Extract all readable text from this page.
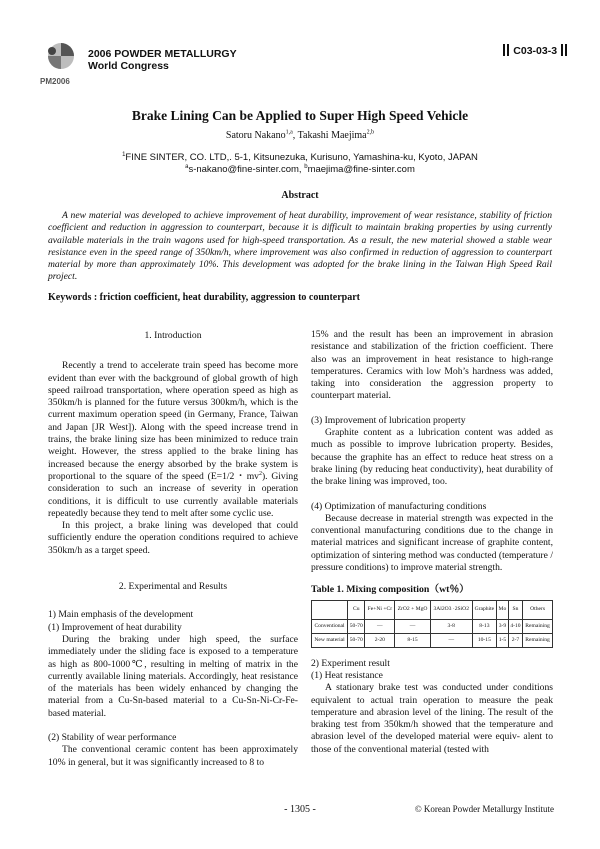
PM2006
2006 POWDER METALLURGY
World Congress
C03-03-3
Brake Lining Can be Applied to Super High Speed Vehicle
Satoru Nakano$^{1,a}$, Takashi Maejima$^{2,b}$
$^1$FINE SINTER, CO. LTD,. 5-1, Kitsunezuka, Kurisuno, Yamashina-ku, Kyoto, JAPAN
$^a$s-nakano@fine-sinter.com, $^b$maejima@fine-sinter.com
Abstract

A new material was developed to achieve improvement of heat durability, improvement of wear resistance, stability of friction coefficient and reduction in aggression to counterpart, because it is difficult to maintain braking properties by using currently available materials in the train wagons used for high-speed transportation. As a result, the new material showed a stable wear resistance even in the speed range of 350km/h, where improvement was also confirmed in reduction of aggression to counterpart material by more than approximately 10%. This development was adopted for the brake lining in the Taiwan High Speed Rail project.

Keywords : friction coefficient, heat durability, aggression to counterpart

1. Introduction

Recently a trend to accelerate train speed has become more evident than ever with the background of global growth of high speed railroad transportation, where operation speed as high as 350km/h is planned for the future versus 300km/h, which is the current maximum operation speed (in Germany, France, Taiwan and Japan [JR West]). Along with the speed increase trend in trains, the brake lining size has been minimized to reduce train weight. However, the stress applied to the brake lining has increased because the energy absorbed by the brake system is proportional to the square of the speed (E=1/2・$mv^2$). Giving consideration to such an increase of severity in operation conditions, it is difficult to use currently available materials repeatedly because they tend to melt after some cyclic use.

In this project, a brake lining was developed that could sufficiently endure the operation conditions required to achieve 350km/h as a target speed.

2. Experimental and Results

1) Main emphasis of the development

(1) Improvement of heat durability

During the braking under high speed, the surface immediately under the sliding face is exposed to a temperature as high as 800-1000℃, resulting in melting of matrix in the currently available lining materials. Accordingly, heat resistance of the materials has been widely enhanced by changing the material from a Cu-Sn-based material to a Cu-Sn-Ni-Cr-Fe-based material.

(2) Stability of wear performance

The conventional ceramic content has been approximately 10% in general, but it was significantly increased to 8 to

15% and the result has been an improvement in abrasion resistance and stabilization of the friction coefficient. There also was an improvement in heat resistance to high-range temperatures. Ceramics with low Moh’s hardness was added, taking into consideration the aggression property to counterpart material.

(3) Improvement of lubrication property

Graphite content as a lubrication content was added as much as possible to improve lubrication property. Besides, because the graphite has an effect to reduce heat stress on a brake lining (by reducing heat conductivity), heat durability of the brake lining was improved, too.

(4) Optimization of manufacturing conditions

Because decrease in material strength was expected in the conventional manufacturing conditions due to the change in material matrices and significant increase of graphite content, optimization of sintering method was conducted (temperature / pressure conditions) to improve material strength.

Table 1. Mixing composition（wt％）
	Cu	Fe+Ni +Cr	ZrO2 + MgO	3Al2O3 ·2SiO2	Graphite	Mo	Sn	Others
Conventional	50-70	—	—	3-8	8-13	3-9	4-10	Remaining
New material	50-70	2-20	8-15	—	10-15	1-5	2-7	Remaining

2) Experiment result

(1) Heat resistance

A stationary brake test was conducted under conditions equivalent to actual train operation to measure the peak temperature and abrasion level of the lining. The result of the braking test from 350km/h showed that the temperature and abrasion level of the developed material were equiv- alent to those of the conventional material (tested with

- 1305 -	© Korean Powder Metallurgy Institute
